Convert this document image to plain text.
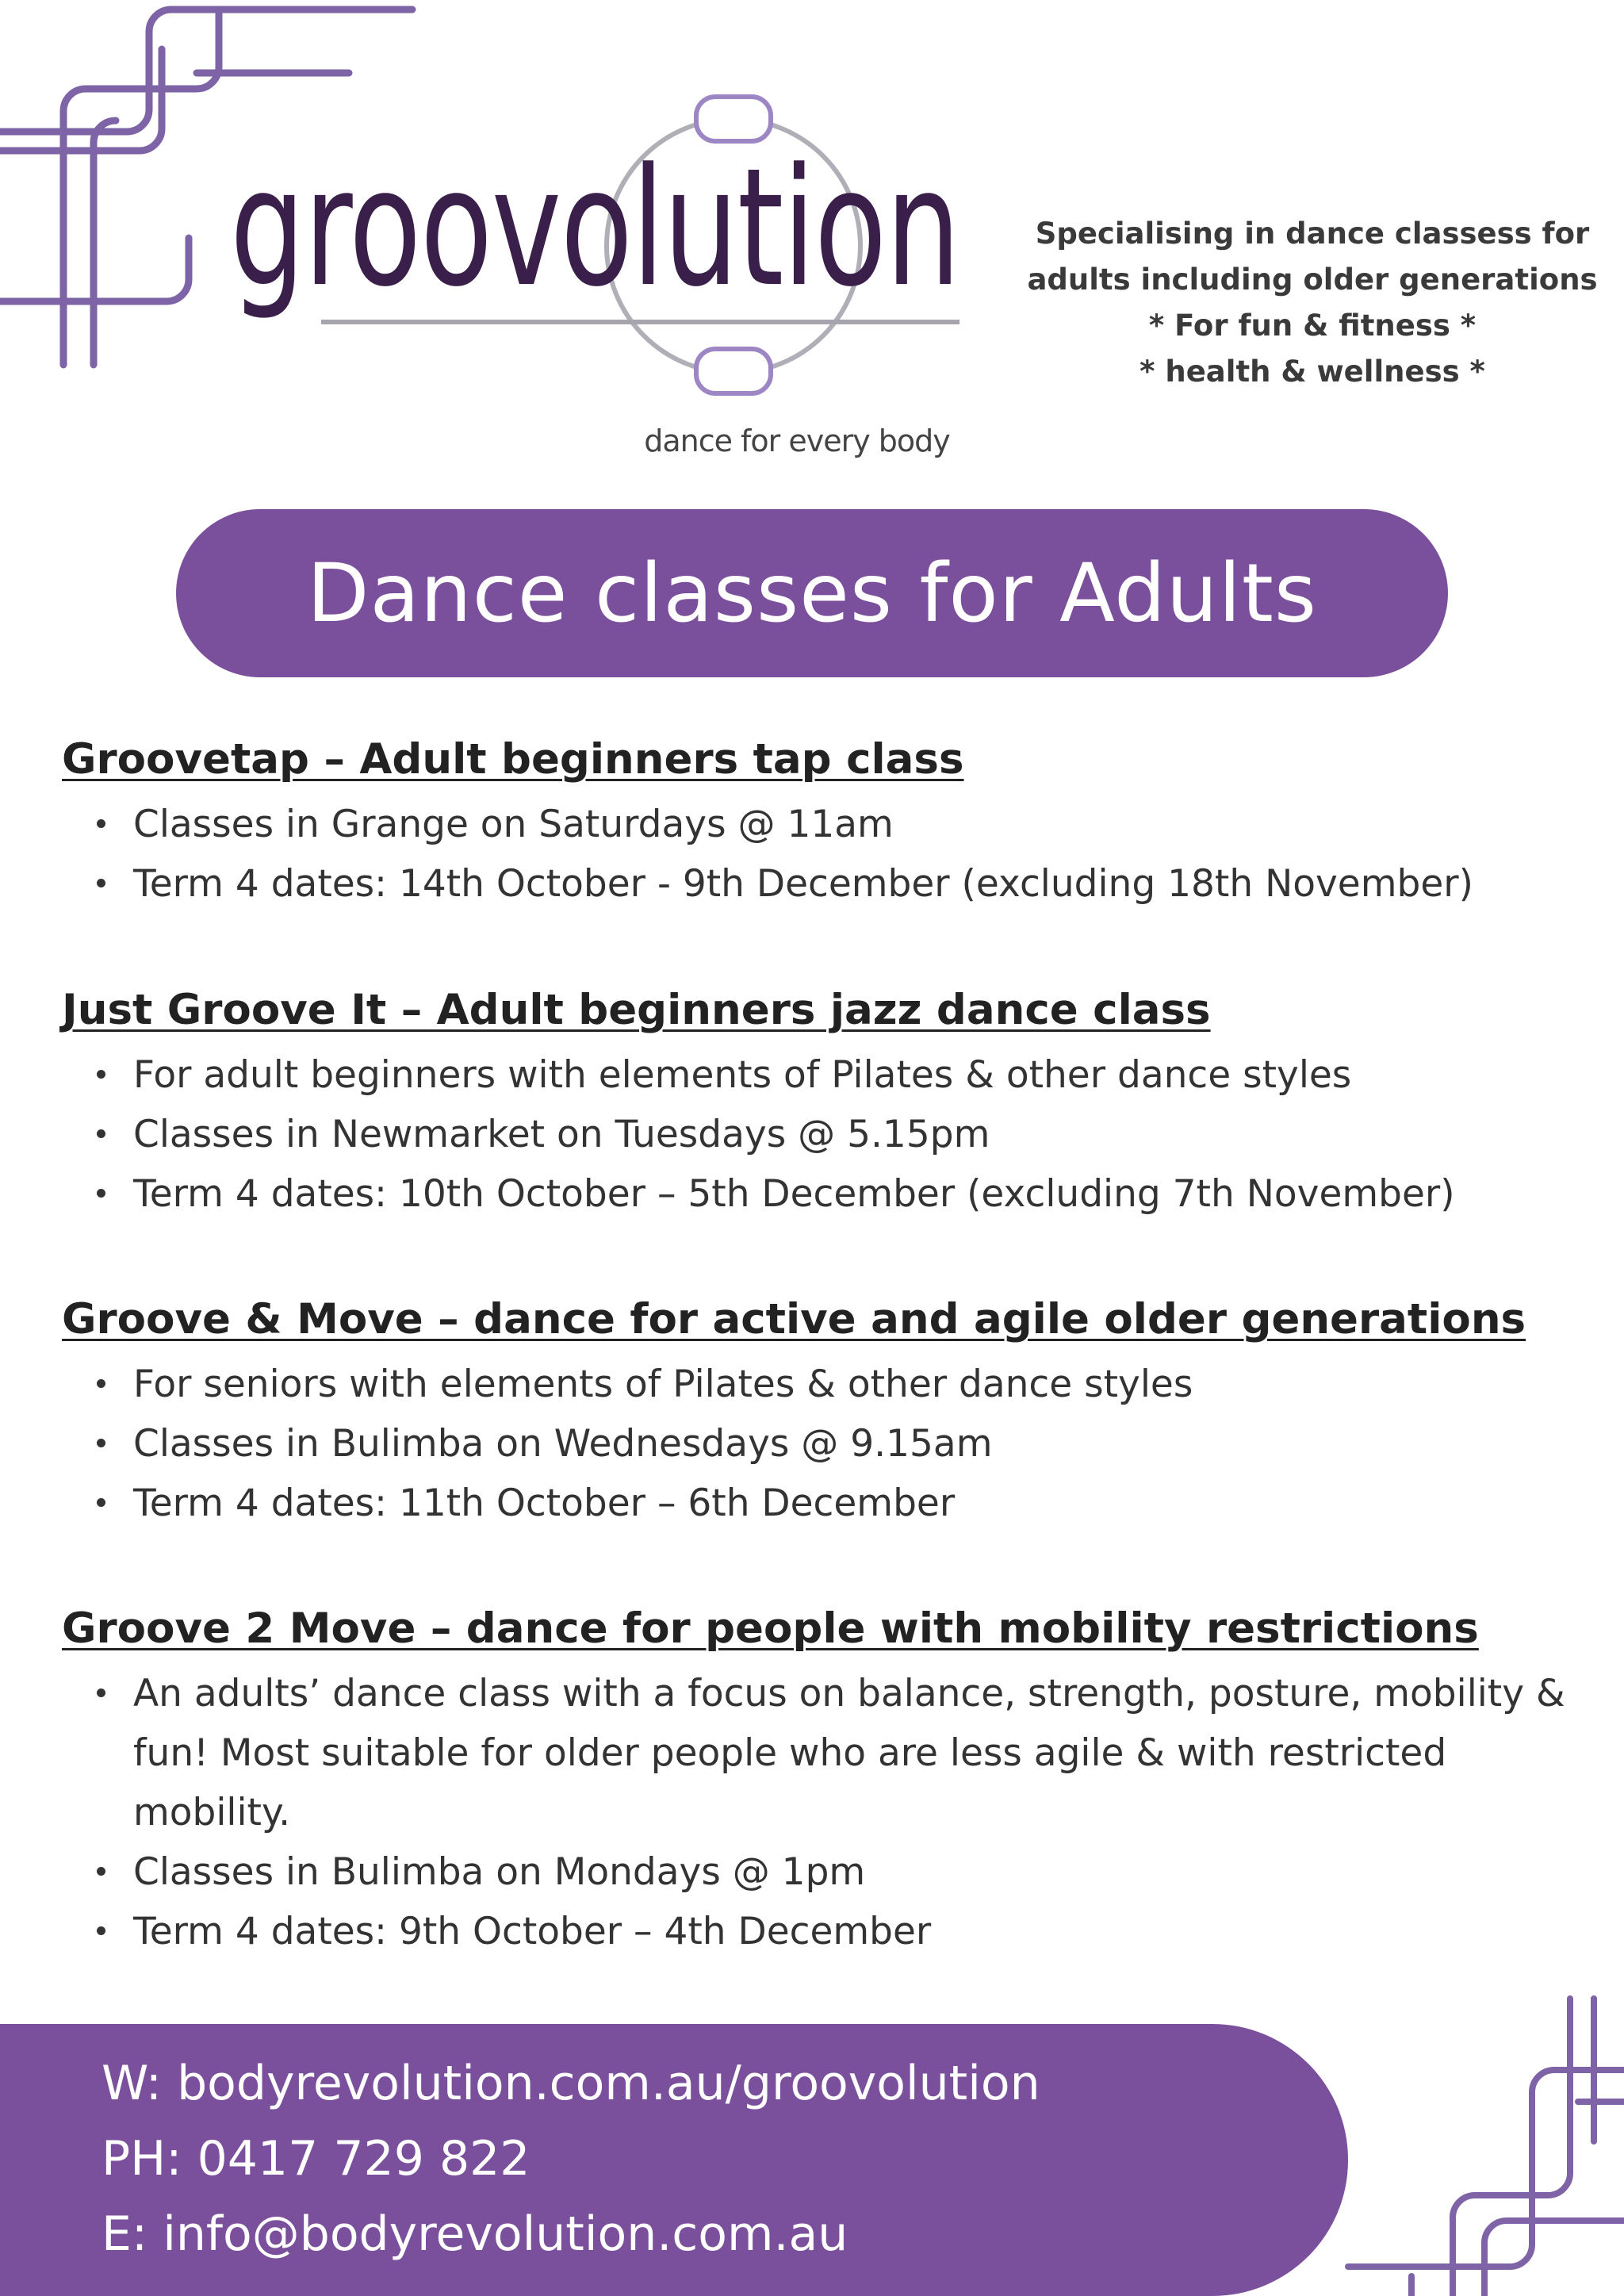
groovolution
dance for every body
Specialising in dance classess for
adults including older generations
* For fun & fitness *
* health & wellness *
Dance classes for Adults
Groovetap – Adult beginners tap class
Classes in Grange on Saturdays @ 11am
Term 4 dates: 14th October - 9th December (excluding 18th November)
Just Groove It – Adult beginners jazz dance class
For adult beginners with elements of Pilates & other dance styles
Classes in Newmarket on Tuesdays @ 5.15pm
Term 4 dates: 10th October – 5th December (excluding 7th November)
Groove & Move – dance for active and agile older generations
For seniors with elements of Pilates & other dance styles
Classes in Bulimba on Wednesdays @ 9.15am
Term 4 dates: 11th October – 6th December
Groove 2 Move – dance for people with mobility restrictions
An adults’ dance class with a focus on balance, strength, posture, mobility & fun! Most suitable for older people who are less agile & with restricted mobility.
Classes in Bulimba on Mondays @ 1pm
Term 4 dates: 9th October – 4th December
W: bodyrevolution.com.au/groovolution
PH: 0417 729 822
E: info@bodyrevolution.com.au
